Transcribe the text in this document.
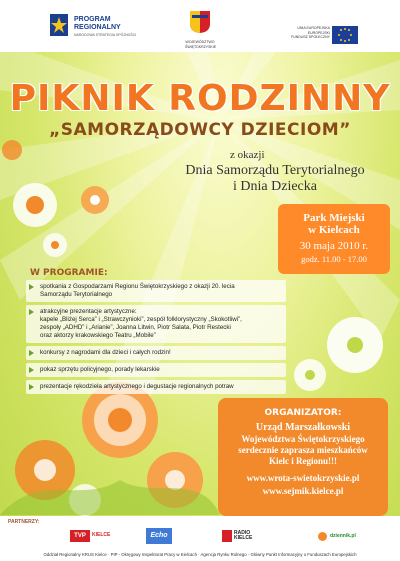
PROGRAM
REGIONALNY
NARODOWA STRATEGIA SPÓJNOŚCI
WOJEWÓDZTWO
ŚWIĘTOKRZYSKIE
UNIA EUROPEJSKA
EUROPEJSKI
FUNDUSZ SPOŁECZNY
PIKNIK RODZINNY
„SAMORZĄDOWCY DZIECIOM”
z okazji
Dnia Samorządu Terytorialnego
i Dnia Dziecka
Park Miejski
w Kielcach
30 maja 2010 r.
godz. 11.00 - 17.00
W PROGRAMIE:
spotkania z Gospodarzami Regionu Świętokrzyskiego z okazji 20. lecia
Samorządu Terytorialnego
atrakcyjne prezentacje artystyczne:
kapele „Bliżej Serca” i „Strawczynioki”, zespół folklorystyczny „Skokotliwi”,
zespoły „ADHD” i „Arianie”, Joanna Litwin, Piotr Salata, Piotr Restecki
oraz aktorzy krakowskiego Teatru „Mobile”
konkursy z nagrodami dla dzieci i całych rodzin!
pokaz sprzętu policyjnego, porady lekarskie
prezentacje rękodzieła artystycznego i degustacje regionalnych potraw
ORGANIZATOR:
Urząd Marszałkowski
Województwa Świętokrzyskiego
serdecznie zaprasza mieszkańców
Kielc i Regionu!!!
www.wrota-swietokrzyskie.pl
www.sejmik.kielce.pl
PARTNERZY:
TVP	KIELCE	Echo	RADIO
KIELCE	dziennik.pl
Oddział Regionalny KRUS Kielce · PIP - Okręgowy Inspektorat Pracy w Kielcach · Agencja Rynku Rolnego · Główny Punkt Informacyjny o Funduszach Europejskich
